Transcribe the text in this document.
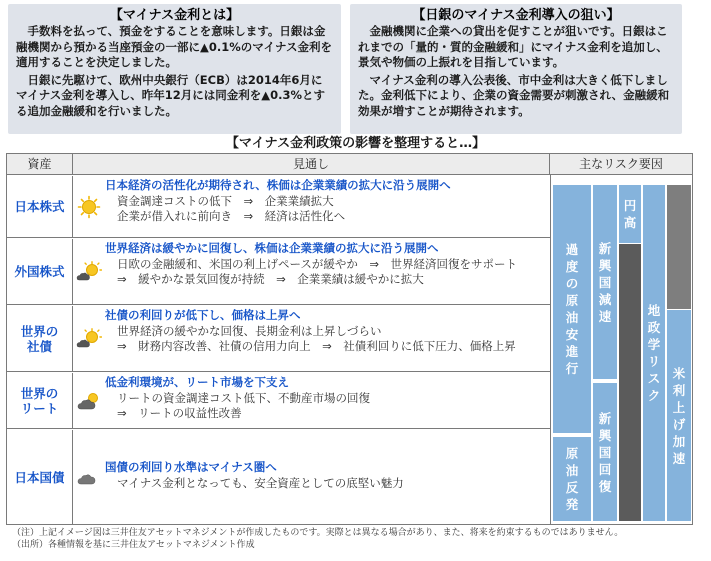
【マイナス金利とは】

手数料を払って、預金をすることを意味します。日銀は金融機関から預かる当座預金の一部に▲0.1%のマイナス金利を適用することを決定しました。

日銀に先駆けて、欧州中央銀行（ECB）は2014年6月にマイナス金利を導入し、昨年12月には同金利を▲0.3%とする追加金融緩和を行いました。

【日銀のマイナス金利導入の狙い】

金融機関に企業への貸出を促すことが狙いです。日銀はこれまでの「量的・質的金融緩和」にマイナス金利を追加し、景気や物価の上振れを目指しています。

マイナス金利の導入公表後、市中金利は大きく低下しました。金利低下により、企業の資金需要が刺激され、金融緩和効果が増すことが期待されます。

【マイナス金利政策の影響を整理すると…】
資産	見通し	主なリスク要因
日本株式
日本経済の活性化が期待され、株価は企業業績の拡大に沿う展開へ
資金調達コストの低下　⇒　企業業績拡大
企業が借入れに前向き　⇒　経済は活性化へ
外国株式
世界経済は緩やかに回復し、株価は企業業績の拡大に沿う展開へ
日欧の金融緩和、米国の利上げペースが緩やか　⇒　世界経済回復をサポート
⇒　緩やかな景気回復が持続　⇒　企業業績は緩やかに拡大
世界の
社債
社債の利回りが低下し、価格は上昇へ
世界経済の緩やかな回復、長期金利は上昇しづらい
⇒　財務内容改善、社債の信用力向上　⇒　社債利回りに低下圧力、価格上昇
世界の
リート
低金利環境が、リート市場を下支え
リートの資金調達コスト低下、不動産市場の回復
⇒　リートの収益性改善
日本国債
国債の利回り水準はマイナス圏へ
マイナス金利となっても、安全資産としての底堅い魅力
過
度
の
原
油
安
進
行
原
油
反
発
新
興
国
減
速
新
興
国
回
復
円
高
地
政
学
リ
ス
ク
米
利
上
げ
加
速
（注）上記イメージ図は三井住友アセットマネジメントが作成したものです。実際とは異なる場合があり、また、将来を約束するものではありません。
（出所）各種情報を基に三井住友アセットマネジメント作成
